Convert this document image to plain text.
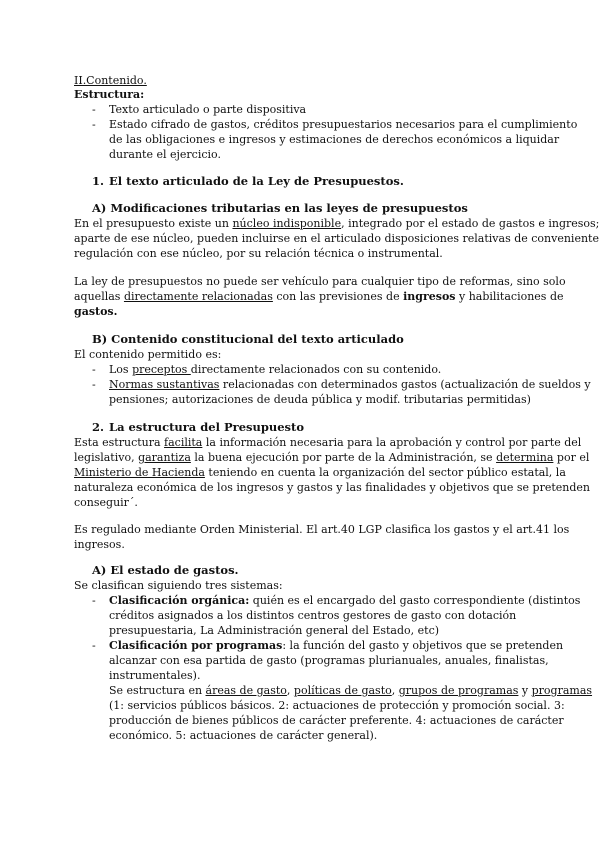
II.Contenido.
Estructura:
- Texto articulado o parte dispositiva
- Estado cifrado de gastos, créditos presupuestarios necesarios para el cumplimiento
de las obligaciones e ingresos y estimaciones de derechos económicos a liquidar
durante el ejercicio.
1. El texto articulado de la Ley de Presupuestos.
A) Modificaciones tributarias en las leyes de presupuestos
En el presupuesto existe un núcleo indisponible, integrado por el estado de gastos e ingresos;
aparte de ese núcleo, pueden incluirse en el articulado disposiciones relativas de conveniente
regulación con ese núcleo, por su relación técnica o instrumental.
La ley de presupuestos no puede ser vehículo para cualquier tipo de reformas, sino solo
aquellas directamente relacionadas con las previsiones de ingresos y habilitaciones de
gastos.
B) Contenido constitucional del texto articulado
El contenido permitido es:
- Los preceptos directamente relacionados con su contenido.
- Normas sustantivas relacionadas con determinados gastos (actualización de sueldos y
pensiones; autorizaciones de deuda pública y modif. tributarias permitidas)
2. La estructura del Presupuesto
Esta estructura facilita la información necesaria para la aprobación y control por parte del
legislativo, garantiza la buena ejecución por parte de la Administración, se determina por el
Ministerio de Hacienda teniendo en cuenta la organización del sector público estatal, la
naturaleza económica de los ingresos y gastos y las finalidades y objetivos que se pretenden
conseguir´.
Es regulado mediante Orden Ministerial. El art.40 LGP clasifica los gastos y el art.41 los
ingresos.
A) El estado de gastos.
Se clasifican siguiendo tres sistemas:
- Clasificación orgánica: quién es el encargado del gasto correspondiente (distintos
créditos asignados a los distintos centros gestores de gasto con dotación
presupuestaria, La Administración general del Estado, etc)
- Clasificación por programas: la función del gasto y objetivos que se pretenden
alcanzar con esa partida de gasto (programas plurianuales, anuales, finalistas,
instrumentales).
Se estructura en áreas de gasto, políticas de gasto, grupos de programas y programas
(1: servicios públicos básicos. 2: actuaciones de protección y promoción social. 3:
producción de bienes públicos de carácter preferente. 4: actuaciones de carácter
económico. 5: actuaciones de carácter general).
